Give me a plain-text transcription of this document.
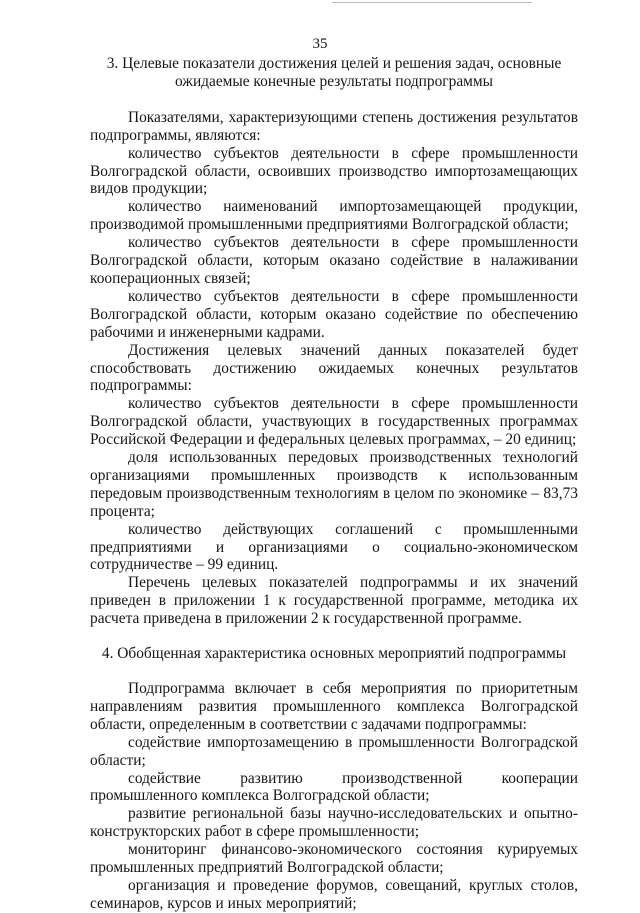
35

3. Целевые показатели достижения целей и решения задач, основные ожидаемые конечные результаты подпрограммы

Показателями, характеризующими степень достижения результатов подпрограммы, являются:

количество субъектов деятельности в сфере промышленности Волгоградской области, освоивших производство импортозамещающих видов продукции;

количество наименований импортозамещающей продукции, производимой промышленными предприятиями Волгоградской области;

количество субъектов деятельности в сфере промышленности Волгоградской области, которым оказано содействие в налаживании кооперационных связей;

количество субъектов деятельности в сфере промышленности Волгоградской области, которым оказано содействие по обеспечению рабочими и инженерными кадрами.

Достижения целевых значений данных показателей будет способствовать достижению ожидаемых конечных результатов подпрограммы:

количество субъектов деятельности в сфере промышленности Волгоградской области, участвующих в государственных программах Российской Федерации и федеральных целевых программах, – 20 единиц;

доля использованных передовых производственных технологий организациями промышленных производств к использованным передовым производственным технологиям в целом по экономике – 83,73 процента;

количество действующих соглашений с промышленными предприятиями и организациями о социально-экономическом сотрудничестве – 99 единиц.

Перечень целевых показателей подпрограммы и их значений приведен в приложении 1 к государственной программе, методика их расчета приведена в приложении 2 к государственной программе.

4. Обобщенная характеристика основных мероприятий подпрограммы

Подпрограмма включает в себя мероприятия по приоритетным направлениям развития промышленного комплекса Волгоградской области, определенным в соответствии с задачами подпрограммы:

содействие импортозамещению в промышленности Волгоградской области;

содействие развитию производственной кооперации промышленного комплекса Волгоградской области;

развитие региональной базы научно-исследовательских и опытно-конструкторских работ в сфере промышленности;

мониторинг финансово-экономического состояния курируемых промышленных предприятий Волгоградской области;

организация и проведение форумов, совещаний, круглых столов, семинаров, курсов и иных мероприятий;
